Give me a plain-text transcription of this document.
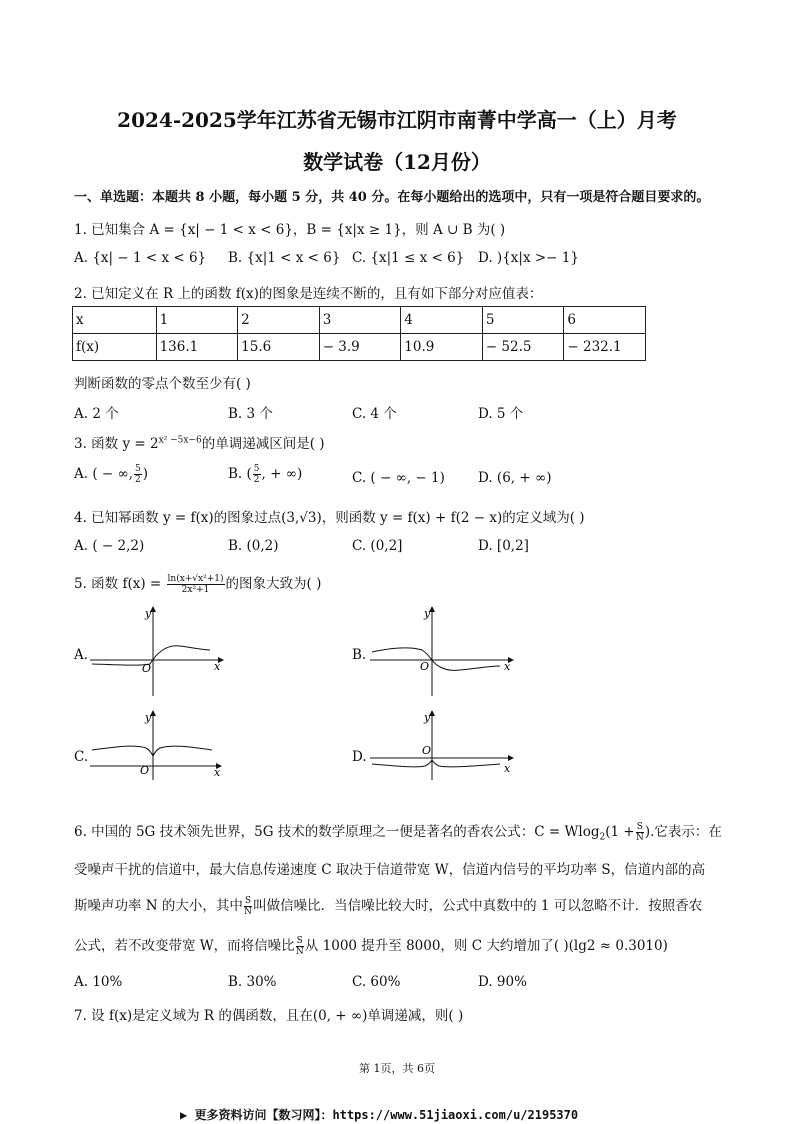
2024-2025学年江苏省无锡市江阴市南菁中学高一（上）月考
数学试卷（12月份）
一、单选题：本题共 8 小题，每小题 5 分，共 40 分。在每小题给出的选项中，只有一项是符合题目要求的。
1. 已知集合 A = {x| − 1 < x < 6}，B = {x|x ≥ 1}，则 A ∪ B 为( )
A. {x| − 1 < x < 6} B. {x|1 < x < 6} C. {x|1 ≤ x < 6} D. ){x|x >− 1}
2. 已知定义在 R 上的函数 f(x)的图象是连续不断的，且有如下部分对应值表：
x	1	2	3	4	5	6
f(x)	136.1	15.6	− 3.9	10.9	− 52.5	− 232.1
判断函数的零点个数至少有( )
A. 2 个	B. 3 个	C. 4 个	D. 5 个
3. 函数 $y = 2^{x^2 -5x-6}$的单调递减区间是( )
A. ( − ∞, $\frac{5}{2}$ )	B. ( $\frac{5}{2}$ , + ∞)	C. ( − ∞, − 1) D. (6, + ∞)
4. 已知幂函数 y = f(x)的图象过点(3,√3)，则函数 y = f(x) + f(2 − x)的定义域为( )
A. ( − 2,2)	B. (0,2)	C. (0,2]	D. [0,2]
5. 函数 $f(x) = \frac{\text{ln(x+√x²+1)}}{\text{2x²+1}}$ 的图象大致为( )
A.	B.
C.	D.
y
x
O
y
x
O
y
x
O
y
x
O
6. 中国的 5G 技术领先世界，5G 技术的数学原理之一便是著名的香农公式：$C = Wlog_2(1 + \frac{S}{N}$ ).它表示：在
受噪声干扰的信道中，最大信息传递速度 C 取决于信道带宽 W，信道内信号的平均功率 S，信道内部的高
斯噪声功率 N 的大小，其中 $\frac{S}{N}$ 叫做信噪比．当信噪比较大时，公式中真数中的 1 可以忽略不计．按照香农
公式，若不改变带宽 W，而将信噪比 $\frac{S}{N}$ 从 1000 提升至 8000，则 C 大约增加了( )(lg2 ≈ 0.3010)
A. 10%	B. 30%	C. 60%	D. 90%
7. 设 f(x)是定义域为 R 的偶函数，且在(0, + ∞)单调递减，则( )
第 1页，共 6页
▶ 更多资料访问【数习网】：https://www.51jiaoxi.com/u/2195370
